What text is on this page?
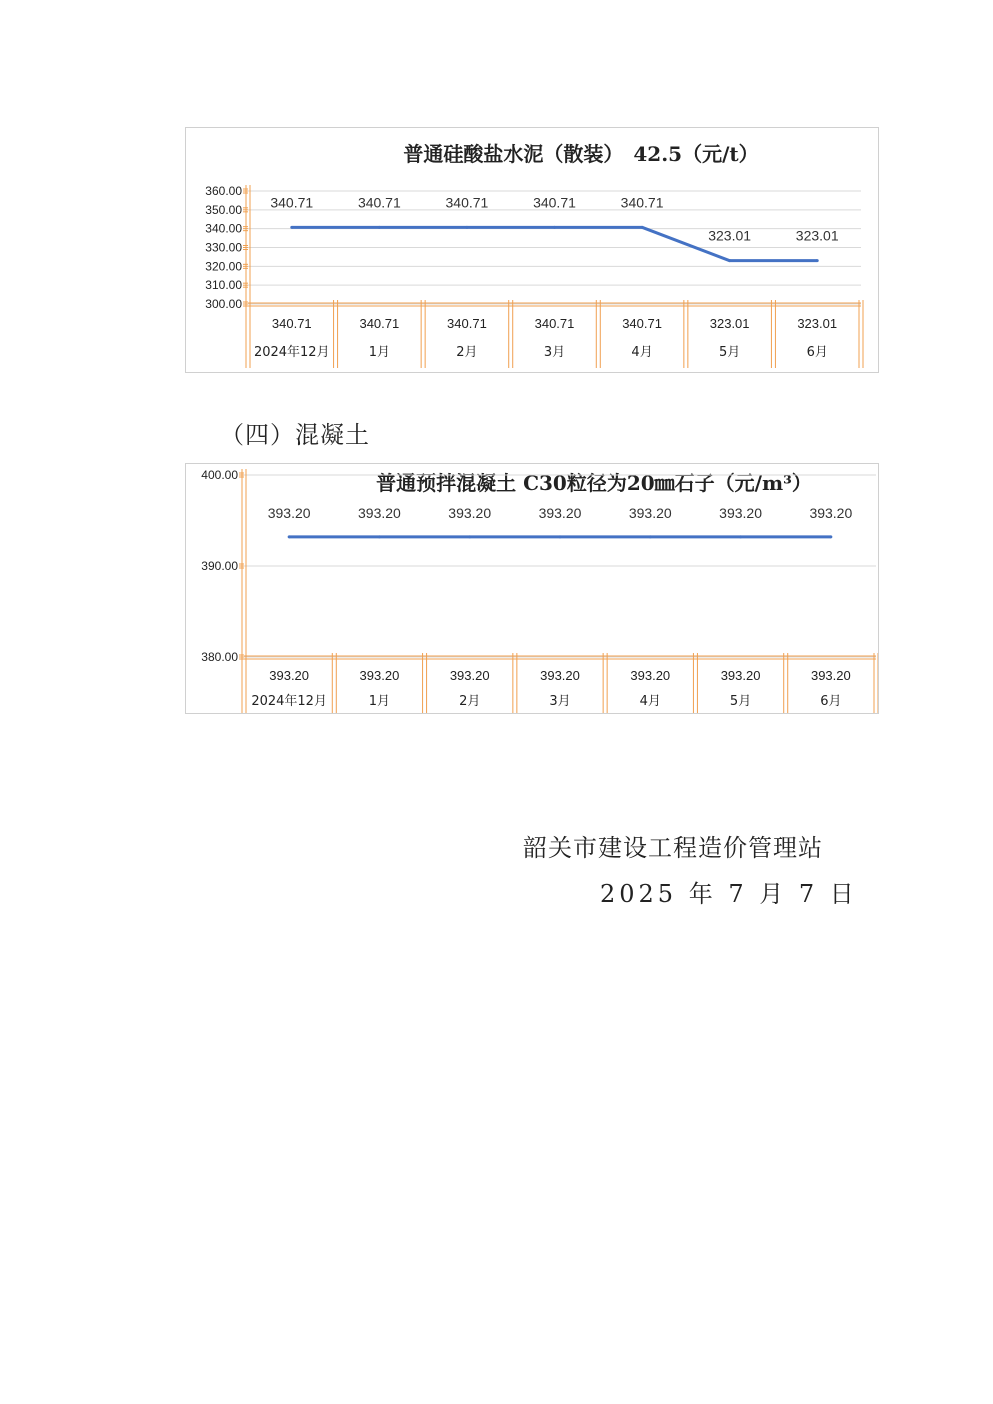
普通硅酸盐水泥（散装）　42.5（元/t）
300.00
310.00
320.00
330.00
340.00
350.00
360.00
340.71
340.71
2024年12月
340.71
340.71
1月
340.71
340.71
2月
340.71
340.71
3月
340.71
340.71
4月
323.01
323.01
5月
323.01
323.01
6月
（四）混凝土
普通预拌混凝土 C30粒径为20㎜石子（元/m³）
380.00
390.00
400.00
393.20
393.20
2024年12月
393.20
393.20
1月
393.20
393.20
2月
393.20
393.20
3月
393.20
393.20
4月
393.20
393.20
5月
393.20
393.20
6月
韶关市建设工程造价管理站
2025 年 7 月 7 日
